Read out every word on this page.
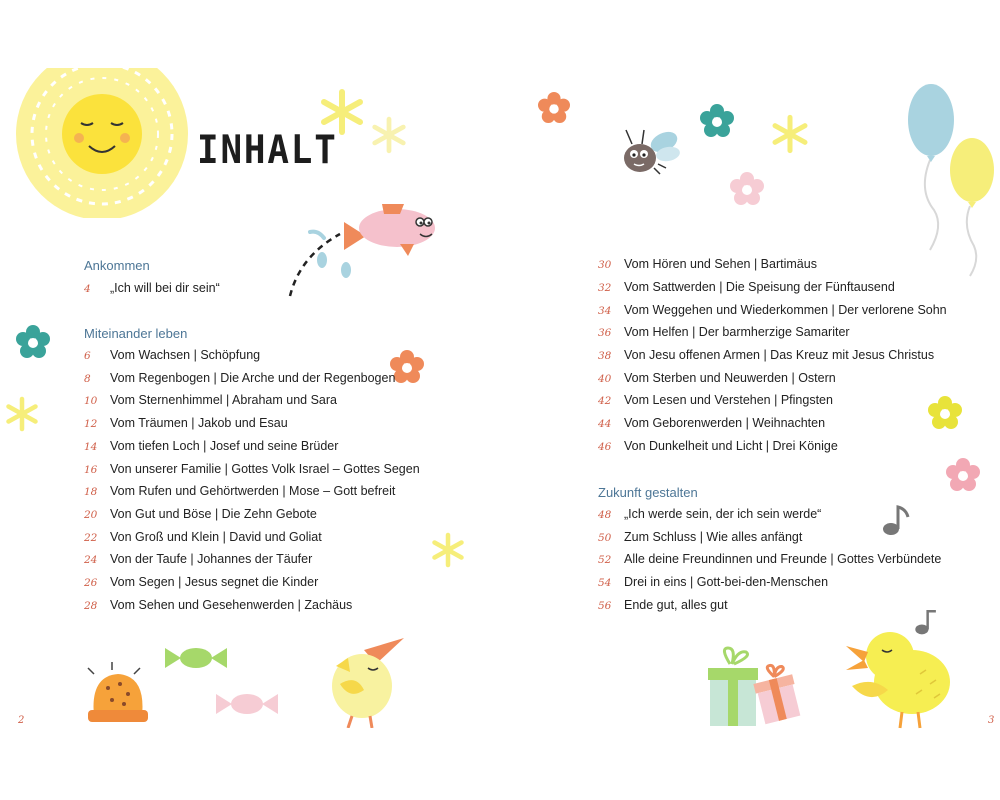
INHALT
Ankommen
4	„Ich will bei dir sein“
Miteinander leben
6	Vom Wachsen | Schöpfung
8	Vom Regenbogen | Die Arche und der Regenbogen
10	Vom Sternenhimmel | Abraham und Sara
12	Vom Träumen | Jakob und Esau
14	Vom tiefen Loch | Josef und seine Brüder
16	Von unserer Familie | Gottes Volk Israel – Gottes Segen
18	Vom Rufen und Gehörtwerden | Mose – Gott befreit
20	Von Gut und Böse | Die Zehn Gebote
22	Von Groß und Klein | David und Goliat
24	Von der Taufe | Johannes der Täufer
26	Vom Segen | Jesus segnet die Kinder
28	Vom Sehen und Gesehenwerden | Zachäus
2
30	Vom Hören und Sehen | Bartimäus
32	Vom Sattwerden | Die Speisung der Fünftausend
34	Vom Weggehen und Wiederkommen | Der verlorene Sohn
36	Vom Helfen | Der barmherzige Samariter
38	Von Jesu offenen Armen | Das Kreuz mit Jesus Christus
40	Vom Sterben und Neuwerden | Ostern
42	Vom Lesen und Verstehen | Pfingsten
44	Vom Geborenwerden | Weihnachten
46	Von Dunkelheit und Licht | Drei Könige
Zukunft gestalten
48	„Ich werde sein, der ich sein werde“
50	Zum Schluss | Wie alles anfängt
52	Alle deine Freundinnen und Freunde | Gottes Verbündete
54	Drei in eins | Gott-bei-den-Menschen
56	Ende gut, alles gut
3
